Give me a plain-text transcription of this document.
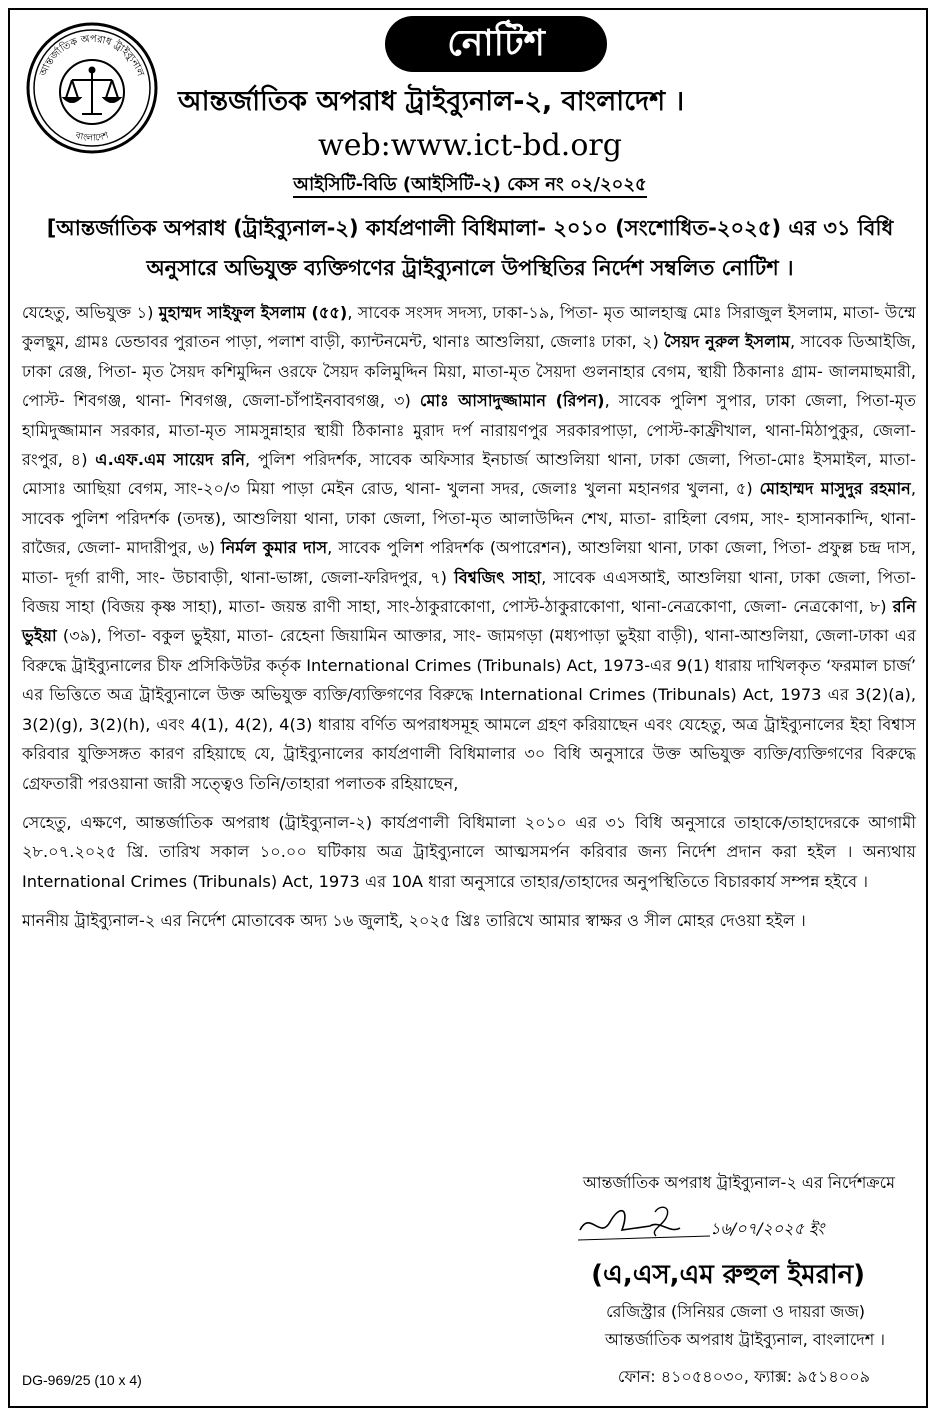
আন্তর্জাতিক অপরাধ ট্রাইব্যুনাল
বাংলাদেশ
নোটিশ
আন্তর্জাতিক অপরাধ ট্রাইব্যুনাল-২, বাংলাদেশ ।
web:www.ict-bd.org
আইসিটি-বিডি (আইসিটি-২) কেস নং ০২/২০২৫
[আন্তর্জাতিক অপরাধ (ট্রাইব্যুনাল-২) কার্যপ্রণালী বিধিমালা- ২০১০ (সংশোধিত-২০২৫) এর ৩১ বিধি
অনুসারে অভিযুক্ত ব্যক্তিগণের ট্রাইব্যুনালে উপস্থিতির নির্দেশ সম্বলিত নোটিশ ।

যেহেতু, অভিযুক্ত ১) মুহাম্মদ সাইফুল ইসলাম (৫৫), সাবেক সংসদ সদস্য, ঢাকা-১৯, পিতা- মৃত আলহাজ্ব মোঃ সিরাজুল ইসলাম, মাতা- উম্মে কুলছুম, গ্রামঃ ডেন্ডাবর পুরাতন পাড়া, পলাশ বাড়ী, ক্যান্টনমেন্ট, থানাঃ আশুলিয়া, জেলাঃ ঢাকা, ২) সৈয়দ নুরুল ইসলাম, সাবেক ডিআইজি, ঢাকা রেঞ্জ, পিতা- মৃত সৈয়দ কশিমুদ্দিন ওরফে সৈয়দ কলিমুদ্দিন মিয়া, মাতা-মৃত সৈয়দা গুলনাহার বেগম, স্থায়ী ঠিকানাঃ গ্রাম- জালমাছমারী, পোস্ট- শিবগঞ্জ, থানা- শিবগঞ্জ, জেলা-চাঁপাইনবাবগঞ্জ, ৩) মোঃ আসাদুজ্জামান (রিপন), সাবেক পুলিশ সুপার, ঢাকা জেলা, পিতা-মৃত হামিদুজ্জামান সরকার, মাতা-মৃত সামসুন্নাহার স্থায়ী ঠিকানাঃ মুরাদ দর্প নারায়ণপুর সরকারপাড়া, পোস্ট-কাফ্রীখাল, থানা-মিঠাপুকুর, জেলা-রংপুর, ৪) এ.এফ.এম সায়েদ রনি, পুলিশ পরিদর্শক, সাবেক অফিসার ইনচার্জ আশুলিয়া থানা, ঢাকা জেলা, পিতা-মোঃ ইসমাইল, মাতা- মোসাঃ আছিয়া বেগম, সাং-২০/৩ মিয়া পাড়া মেইন রোড, থানা- খুলনা সদর, জেলাঃ খুলনা মহানগর খুলনা, ৫) মোহাম্মদ মাসুদুর রহমান, সাবেক পুলিশ পরিদর্শক (তদন্ত), আশুলিয়া থানা, ঢাকা জেলা, পিতা-মৃত আলাউদ্দিন শেখ, মাতা- রাহিলা বেগম, সাং- হাসানকান্দি, থানা- রাজৈর, জেলা- মাদারীপুর, ৬) নির্মল কুমার দাস, সাবেক পুলিশ পরিদর্শক (অপারেশন), আশুলিয়া থানা, ঢাকা জেলা, পিতা- প্রফুল্ল চন্দ্র দাস, মাতা- দূর্গা রাণী, সাং- উচাবাড়ী, থানা-ভাঙ্গা, জেলা-ফরিদপুর, ৭) বিশ্বজিৎ সাহা, সাবেক এএসআই, আশুলিয়া থানা, ঢাকা জেলা, পিতা- বিজয় সাহা (বিজয় কৃষ্ণ সাহা), মাতা- জয়ন্ত রাণী সাহা, সাং-ঠাকুরাকোণা, পোস্ট-ঠাকুরাকোণা, থানা-নেত্রকোণা, জেলা- নেত্রকোণা, ৮) রনি ভুইয়া (৩৯), পিতা- বকুল ভুইয়া, মাতা- রেহেনা জিয়ামিন আক্তার, সাং- জামগড়া (মধ্যপাড়া ভুইয়া বাড়ী), থানা-আশুলিয়া, জেলা-ঢাকা এর বিরুদ্ধে ট্রাইব্যুনালের চীফ প্রসিকিউটর কর্তৃক International Crimes (Tribunals) Act, 1973-এর 9(1) ধারায় দাখিলকৃত ‘ফরমাল চার্জ’ এর ভিত্তিতে অত্র ট্রাইব্যুনালে উক্ত অভিযুক্ত ব্যক্তি/ব্যক্তিগণের বিরুদ্ধে International Crimes (Tribunals) Act, 1973 এর 3(2)(a), 3(2)(g), 3(2)(h), এবং 4(1), 4(2), 4(3) ধারায় বর্ণিত অপরাধসমূহ আমলে গ্রহণ করিয়াছেন এবং যেহেতু, অত্র ট্রাইব্যুনালের ইহা বিশ্বাস করিবার যুক্তিসঙ্গত কারণ রহিয়াছে যে, ট্রাইব্যুনালের কার্যপ্রণালী বিধিমালার ৩০ বিধি অনুসারে উক্ত অভিযুক্ত ব্যক্তি/ব্যক্তিগণের বিরুদ্ধে গ্রেফতারী পরওয়ানা জারী সত্ত্বেও তিনি/তাহারা পলাতক রহিয়াছেন,

সেহেতু, এক্ষণে, আন্তর্জাতিক অপরাধ (ট্রাইব্যুনাল-২) কার্যপ্রণালী বিধিমালা ২০১০ এর ৩১ বিধি অনুসারে তাহাকে/তাহাদেরকে আগামী ২৮.০৭.২০২৫ খ্রি. তারিখ সকাল ১০.০০ ঘটিকায় অত্র ট্রাইব্যুনালে আত্মসমর্পন করিবার জন্য নির্দেশ প্রদান করা হইল । অন্যথায় International Crimes (Tribunals) Act, 1973 এর 10A ধারা অনুসারে তাহার/তাহাদের অনুপস্থিতিতে বিচারকার্য সম্পন্ন হইবে ।

মাননীয় ট্রাইব্যুনাল-২ এর নির্দেশ মোতাবেক অদ্য ১৬ জুলাই, ২০২৫ খ্রিঃ তারিখে আমার স্বাক্ষর ও সীল মোহর দেওয়া হইল ।

আন্তর্জাতিক অপরাধ ট্রাইব্যুনাল-২ এর নির্দেশক্রমে
১৬/০৭/২০২৫ ইং
(এ,এস,এম রুহুল ইমরান)
রেজিস্ট্রার (সিনিয়র জেলা ও দায়রা জজ)
আন্তর্জাতিক অপরাধ ট্রাইব্যুনাল, বাংলাদেশ ।
ফোন: ৪১০৫৪০৩০, ফ্যাক্স: ৯৫১৪০০৯
DG-969/25 (10 x 4)
